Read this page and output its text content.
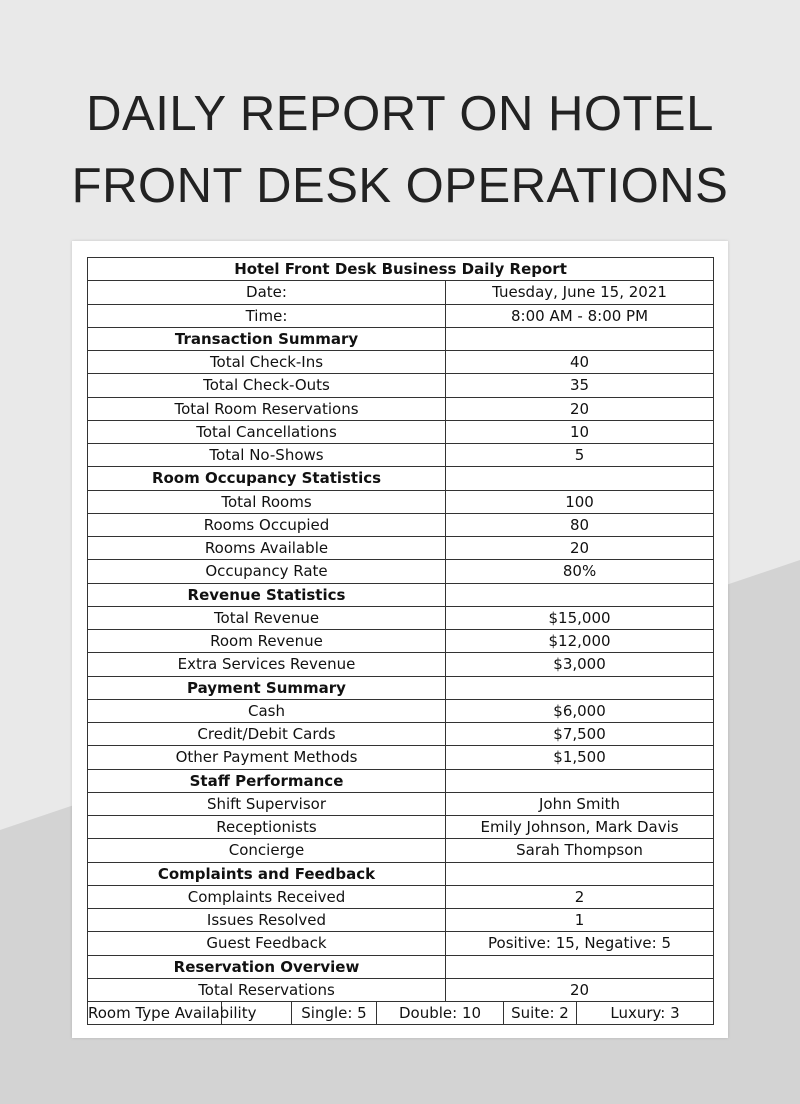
DAILY REPORT ON HOTEL
FRONT DESK OPERATIONS
Hotel Front Desk Business Daily Report						
Date:				Tuesday, June 15, 2021		
Time:				8:00 AM - 8:00 PM		
Transaction Summary						
Total Check-Ins				40		
Total Check-Outs				35		
Total Room Reservations				20		
Total Cancellations				10		
Total No-Shows				5		
Room Occupancy Statistics						
Total Rooms				100		
Rooms Occupied				80		
Rooms Available				20		
Occupancy Rate				80%		
Revenue Statistics						
Total Revenue				$15,000		
Room Revenue				$12,000		
Extra Services Revenue				$3,000		
Payment Summary						
Cash				$6,000		
Credit/Debit Cards				$7,500		
Other Payment Methods				$1,500		
Staff Performance						
Shift Supervisor				John Smith		
Receptionists				Emily Johnson, Mark Davis		
Concierge				Sarah Thompson		
Complaints and Feedback						
Complaints Received				2		
Issues Resolved				1		
Guest Feedback				Positive: 15, Negative: 5		
Reservation Overview						
Total Reservations				20		
Room Type Availability		Single: 5	Double: 10		Suite: 2	Luxury: 3
